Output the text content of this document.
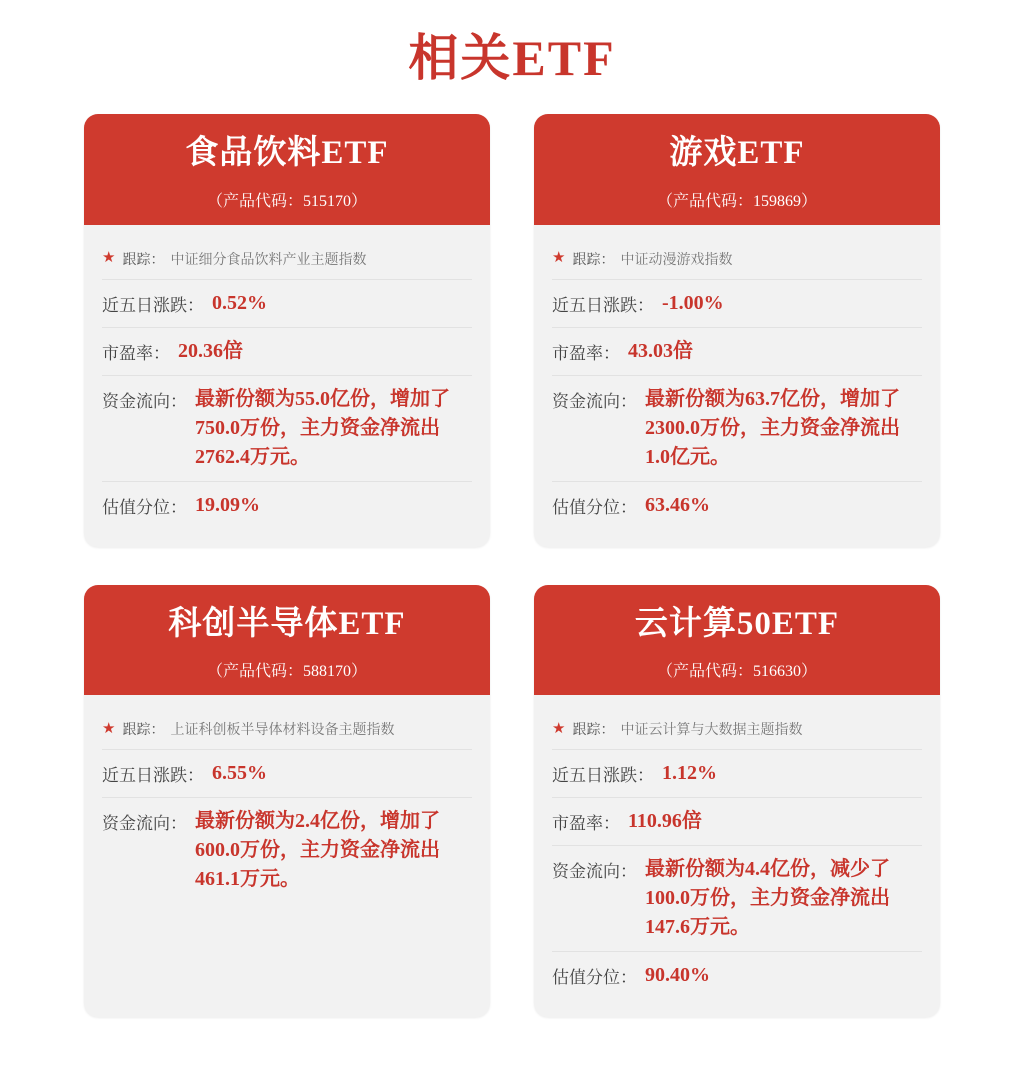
相关ETF
食品饮料ETF
（产品代码：515170）
★ 跟踪： 中证细分食品饮料产业主题指数
近五日涨跌： 0.52%
市盈率： 20.36倍
资金流向： 最新份额为55.0亿份，增加了750.0万份，主力资金净流出2762.4万元。
估值分位： 19.09%
游戏ETF
（产品代码：159869）
★ 跟踪： 中证动漫游戏指数
近五日涨跌： -1.00%
市盈率： 43.03倍
资金流向： 最新份额为63.7亿份，增加了2300.0万份，主力资金净流出1.0亿元。
估值分位： 63.46%
科创半导体ETF
（产品代码：588170）
★ 跟踪： 上证科创板半导体材料设备主题指数
近五日涨跌： 6.55%
资金流向： 最新份额为2.4亿份，增加了600.0万份，主力资金净流出461.1万元。
云计算50ETF
（产品代码：516630）
★ 跟踪： 中证云计算与大数据主题指数
近五日涨跌： 1.12%
市盈率： 110.96倍
资金流向： 最新份额为4.4亿份，减少了100.0万份，主力资金净流出147.6万元。
估值分位： 90.40%
